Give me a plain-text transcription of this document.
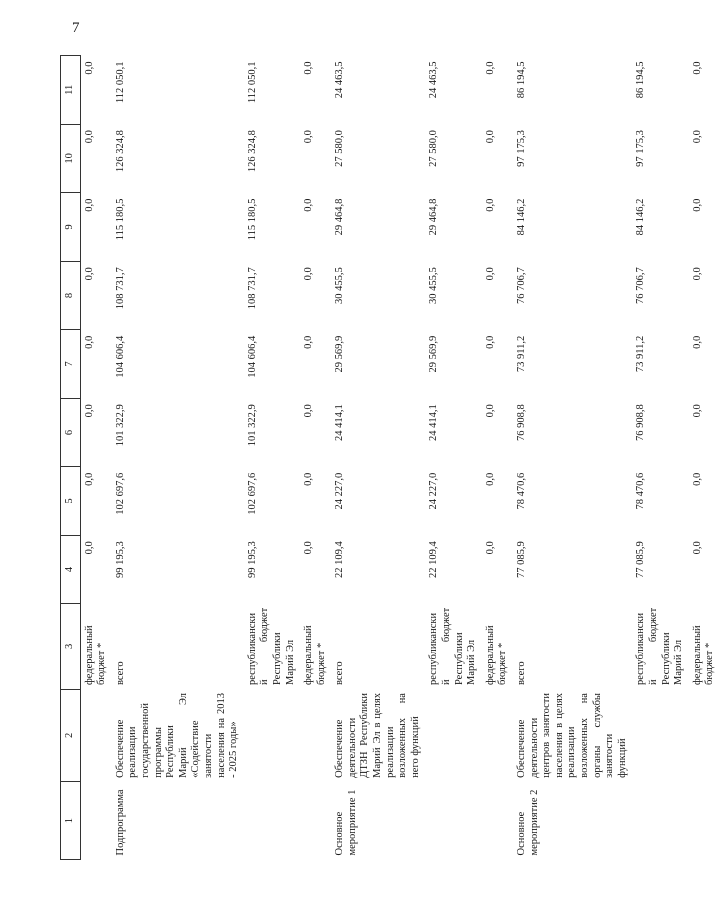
7
1	2	3	4	5	6	7	8	9	10	11
		федеральный бюджет *	0,0	0,0	0,0	0,0	0,0	0,0	0,0	0,0
Подпрограмма	Обеспечение реализации государственной программы Республики Марий Эл «Содействие занятости населения на 2013 - 2025 годы»	всего	99 195,3	102 697,6	101 322,9	104 606,4	108 731,7	115 180,5	126 324,8	112 050,1
		республиканский бюджет Республики Марий Эл	99 195,3	102 697,6	101 322,9	104 606,4	108 731,7	115 180,5	126 324,8	112 050,1
		федеральный бюджет *	0,0	0,0	0,0	0,0	0,0	0,0	0,0	0,0
Основное мероприятие 1	Обеспечение деятельности ДТЗН Республики Марий Эл в целях реализации возложенных на него функций	всего	22 109,4	24 227,0	24 414,1	29 569,9	30 455,5	29 464,8	27 580,0	24 463,5
		республиканский бюджет Республики Марий Эл	22 109,4	24 227,0	24 414,1	29 569,9	30 455,5	29 464,8	27 580,0	24 463,5
		федеральный бюджет *	0,0	0,0	0,0	0,0	0,0	0,0	0,0	0,0
Основное мероприятие 2	Обеспечение деятельности центров занятости населения в целях реализации возложенных на органы службы занятости функций	всего	77 085,9	78 470,6	76 908,8	73 911,2	76 706,7	84 146,2	97 175,3	86 194,5
		республиканский бюджет Республики Марий Эл	77 085,9	78 470,6	76 908,8	73 911,2	76 706,7	84 146,2	97 175,3	86 194,5
		федеральный бюджет *	0,0	0,0	0,0	0,0	0,0	0,0	0,0	0,0
